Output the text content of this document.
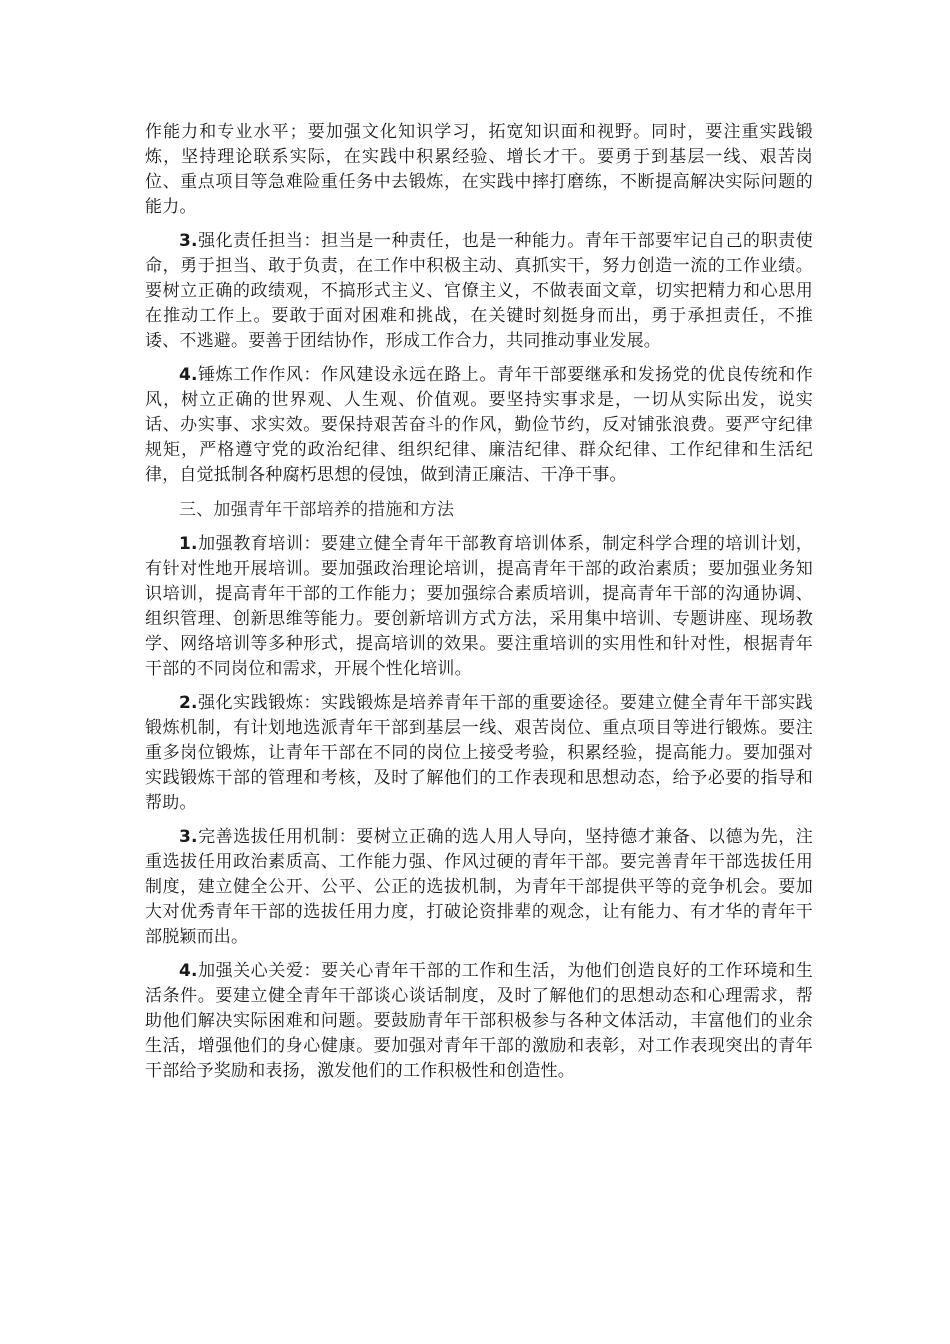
作能力和专业水平；要加强文化知识学习，拓宽知识面和视野。同时，要注重实践锻炼，坚持理论联系实际，在实践中积累经验、增长才干。要勇于到基层一线、艰苦岗位、重点项目等急难险重任务中去锻炼，在实践中摔打磨练，不断提高解决实际问题的能力。

3.强化责任担当：担当是一种责任，也是一种能力。青年干部要牢记自己的职责使命，勇于担当、敢于负责，在工作中积极主动、真抓实干，努力创造一流的工作业绩。要树立正确的政绩观，不搞形式主义、官僚主义，不做表面文章，切实把精力和心思用在推动工作上。要敢于面对困难和挑战，在关键时刻挺身而出，勇于承担责任，不推诿、不逃避。要善于团结协作，形成工作合力，共同推动事业发展。

4.锤炼工作作风：作风建设永远在路上。青年干部要继承和发扬党的优良传统和作风，树立正确的世界观、人生观、价值观。要坚持实事求是，一切从实际出发，说实话、办实事、求实效。要保持艰苦奋斗的作风，勤俭节约，反对铺张浪费。要严守纪律规矩，严格遵守党的政治纪律、组织纪律、廉洁纪律、群众纪律、工作纪律和生活纪律，自觉抵制各种腐朽思想的侵蚀，做到清正廉洁、干净干事。

三、加强青年干部培养的措施和方法

1.加强教育培训：要建立健全青年干部教育培训体系，制定科学合理的培训计划，有针对性地开展培训。要加强政治理论培训，提高青年干部的政治素质；要加强业务知识培训，提高青年干部的工作能力；要加强综合素质培训，提高青年干部的沟通协调、组织管理、创新思维等能力。要创新培训方式方法，采用集中培训、专题讲座、现场教学、网络培训等多种形式，提高培训的效果。要注重培训的实用性和针对性，根据青年干部的不同岗位和需求，开展个性化培训。

2.强化实践锻炼：实践锻炼是培养青年干部的重要途径。要建立健全青年干部实践锻炼机制，有计划地选派青年干部到基层一线、艰苦岗位、重点项目等进行锻炼。要注重多岗位锻炼，让青年干部在不同的岗位上接受考验，积累经验，提高能力。要加强对实践锻炼干部的管理和考核，及时了解他们的工作表现和思想动态，给予必要的指导和帮助。

3.完善选拔任用机制：要树立正确的选人用人导向，坚持德才兼备、以德为先，注重选拔任用政治素质高、工作能力强、作风过硬的青年干部。要完善青年干部选拔任用制度，建立健全公开、公平、公正的选拔机制，为青年干部提供平等的竞争机会。要加大对优秀青年干部的选拔任用力度，打破论资排辈的观念，让有能力、有才华的青年干部脱颖而出。

4.加强关心关爱：要关心青年干部的工作和生活，为他们创造良好的工作环境和生活条件。要建立健全青年干部谈心谈话制度，及时了解他们的思想动态和心理需求，帮助他们解决实际困难和问题。要鼓励青年干部积极参与各种文体活动，丰富他们的业余生活，增强他们的身心健康。要加强对青年干部的激励和表彰，对工作表现突出的青年干部给予奖励和表扬，激发他们的工作积极性和创造性。
